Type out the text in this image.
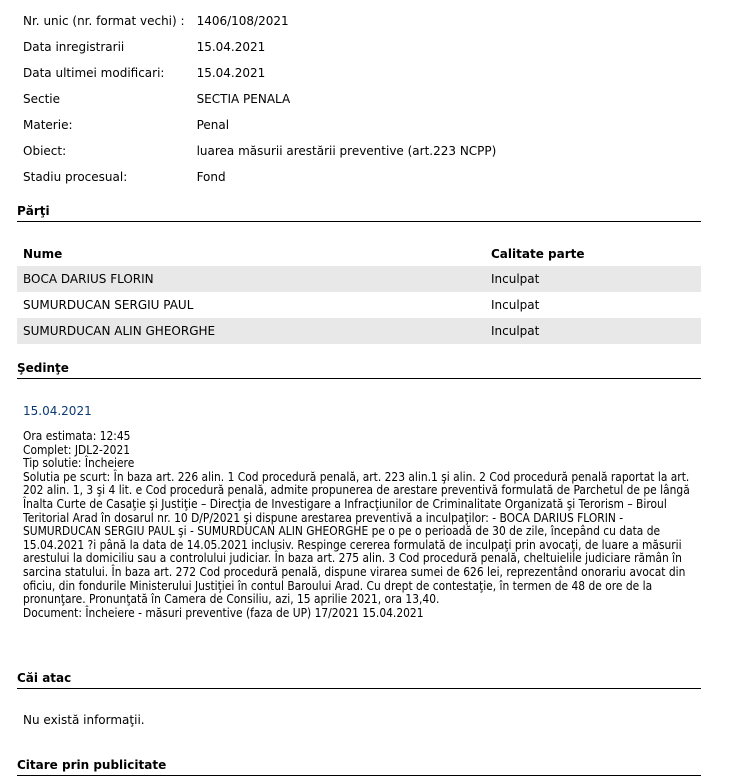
Nr. unic (nr. format vechi) :	1406/108/2021
Data inregistrarii	15.04.2021
Data ultimei modificari:	15.04.2021
Sectie	SECTIA PENALA
Materie:	Penal
Obiect:	luarea măsurii arestării preventive (art.223 NCPP)
Stadiu procesual:	Fond
Părţi
Nume	Calitate parte
BOCA DARIUS FLORIN	Inculpat
SUMURDUCAN SERGIU PAUL	Inculpat
SUMURDUCAN ALIN GHEORGHE	Inculpat
Şedinţe
15.04.2021
Ora estimata: 12:45
Complet: JDL2-2021
Tip solutie: Încheiere
Solutia pe scurt: În baza art. 226 alin. 1 Cod procedură penală, art. 223 alin.1 şi alin. 2 Cod procedură penală raportat la art.
202 alin. 1, 3 şi 4 lit. e Cod procedură penală, admite propunerea de arestare preventivă formulată de Parchetul de pe lângă
Înalta Curte de Casaţie şi Justiţie – Direcţia de Investigare a Infracţiunilor de Criminalitate Organizată şi Terorism – Biroul
Teritorial Arad în dosarul nr. 10 D/P/2021 şi dispune arestarea preventivă a inculpaţilor: - BOCA DARIUS FLORIN -
SUMURDUCAN SERGIU PAUL şi - SUMURDUCAN ALIN GHEORGHE pe o pe o perioadă de 30 de zile, începând cu data de
15.04.2021 ?i până la data de 14.05.2021 inclusiv. Respinge cererea formulată de inculpaţi prin avocaţi, de luare a măsurii
arestului la domiciliu sau a controlului judiciar. În baza art. 275 alin. 3 Cod procedură penală, cheltuielile judiciare rămân în
sarcina statului. În baza art. 272 Cod procedură penală, dispune virarea sumei de 626 lei, reprezentând onorariu avocat din
oficiu, din fondurile Ministerului Justiţiei în contul Baroului Arad. Cu drept de contestaţie, în termen de 48 de ore de la
pronunţare. Pronunţată în Camera de Consiliu, azi, 15 aprilie 2021, ora 13,40.
Document: Încheiere - măsuri preventive (faza de UP) 17/2021 15.04.2021
Căi atac
Nu există informaţii.
Citare prin publicitate
